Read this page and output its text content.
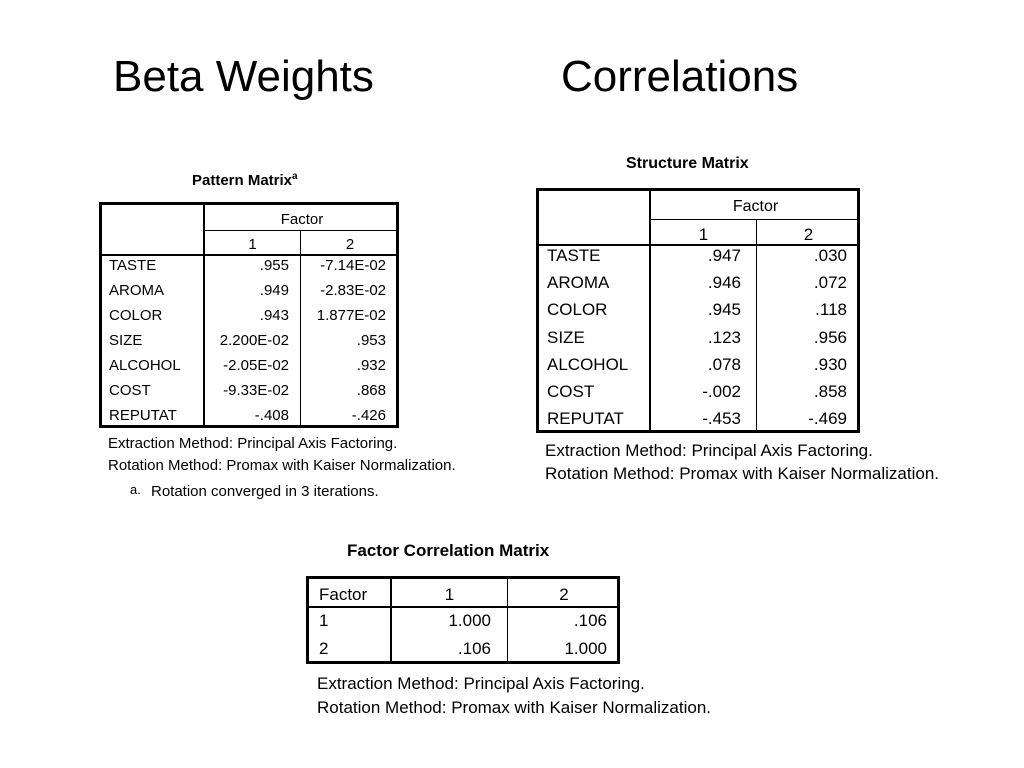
Beta Weights	Correlations
Pattern Matrix$^a$
Factor
1	2
TASTE	.955	-7.14E-02
AROMA	.949	-2.83E-02
COLOR	.943	1.877E-02
SIZE	2.200E-02	.953
ALCOHOL	-2.05E-02	.932
COST	-9.33E-02	.868
REPUTAT	-.408	-.426
Extraction Method: Principal Axis Factoring.
Rotation Method: Promax with Kaiser Normalization.
a. Rotation converged in 3 iterations.
Structure Matrix
Factor
1	2
TASTE	.947	.030
AROMA	.946	.072
COLOR	.945	.118
SIZE	.123	.956
ALCOHOL	.078	.930
COST	-.002	.858
REPUTAT	-.453	-.469
Extraction Method: Principal Axis Factoring.
Rotation Method: Promax with Kaiser Normalization.
Factor Correlation Matrix
Factor	1	2
1	1.000	.106
2	.106	1.000
Extraction Method: Principal Axis Factoring.
Rotation Method: Promax with Kaiser Normalization.
